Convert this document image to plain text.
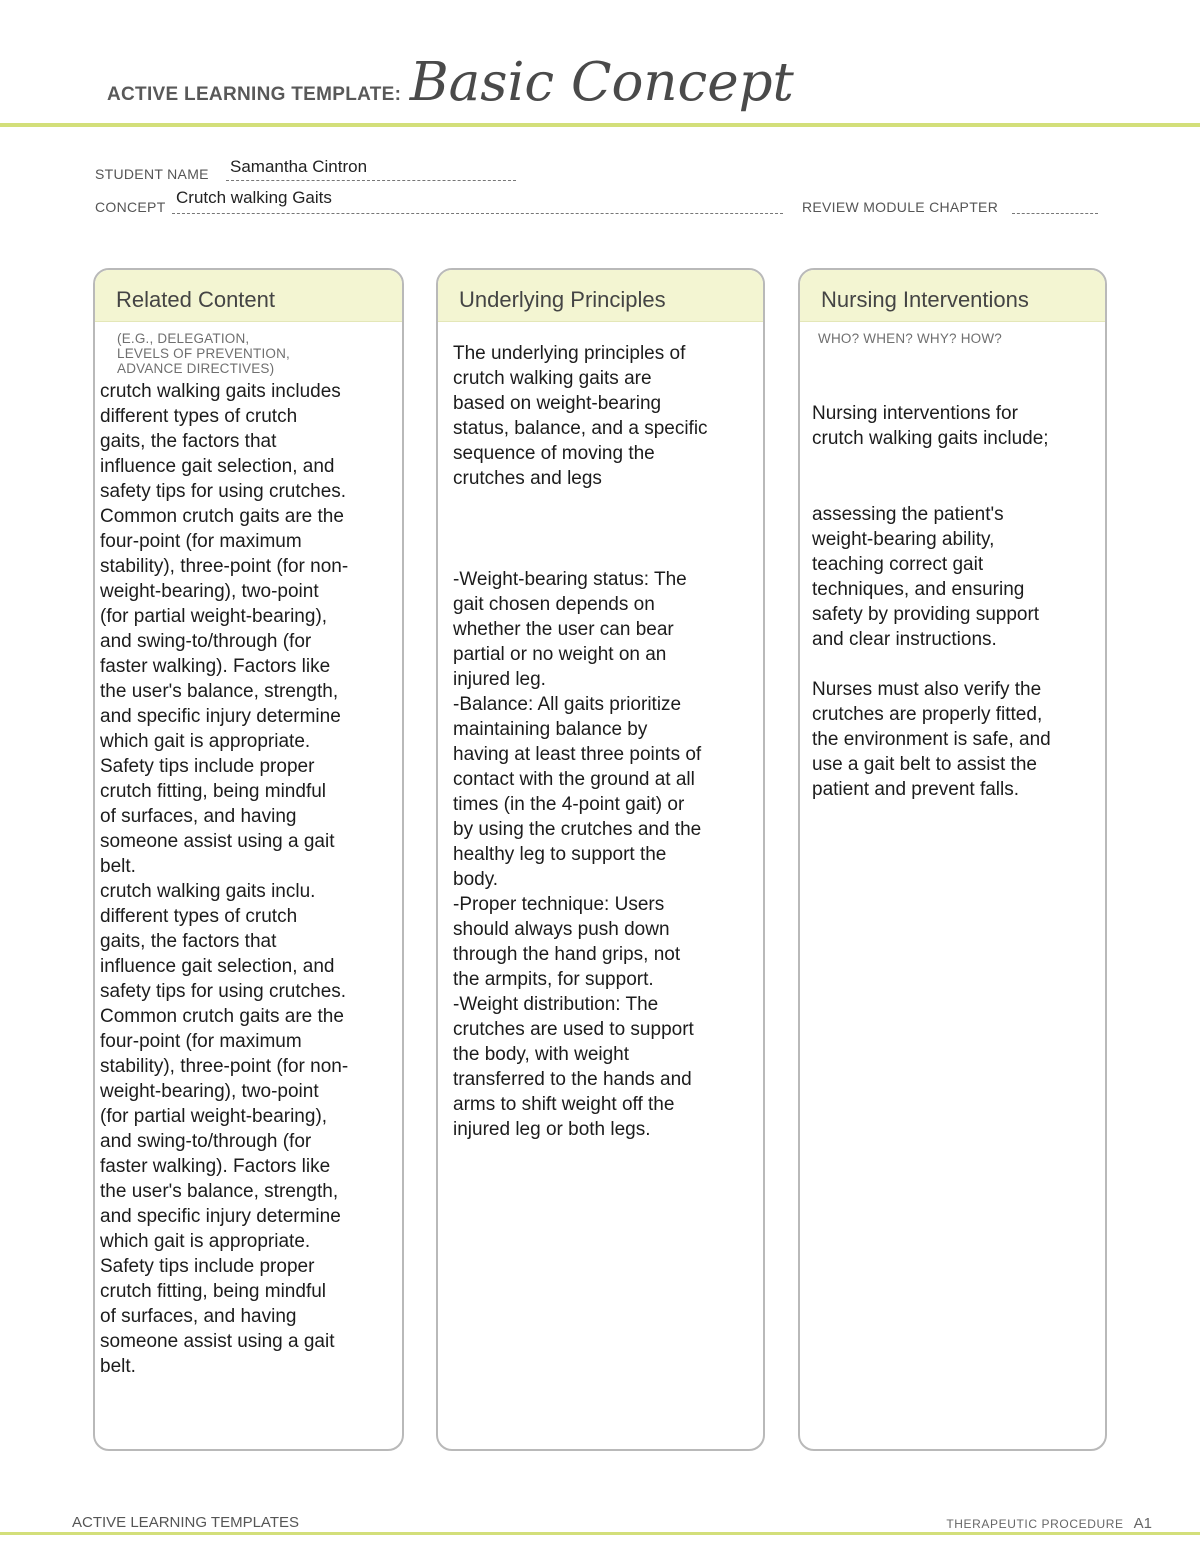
ACTIVE LEARNING TEMPLATE: Basic Concept
STUDENT NAME Samantha Cintron
CONCEPT Crutch walking Gaits	REVIEW MODULE CHAPTER
Related Content
(E.G., DELEGATION,
LEVELS OF PREVENTION,
ADVANCE DIRECTIVES)
crutch walking gaits includes
different types of crutch
gaits, the factors that
influence gait selection, and
safety tips for using crutches.
Common crutch gaits are the
four-point (for maximum
stability), three-point (for non-
weight-bearing), two-point
(for partial weight-bearing),
and swing-to/through (for
faster walking). Factors like
the user's balance, strength,
and specific injury determine
which gait is appropriate.
Safety tips include proper
crutch fitting, being mindful
of surfaces, and having
someone assist using a gait
belt.
crutch walking gaits inclu.
different types of crutch
gaits, the factors that
influence gait selection, and
safety tips for using crutches.
Common crutch gaits are the
four-point (for maximum
stability), three-point (for non-
weight-bearing), two-point
(for partial weight-bearing),
and swing-to/through (for
faster walking). Factors like
the user's balance, strength,
and specific injury determine
which gait is appropriate.
Safety tips include proper
crutch fitting, being mindful
of surfaces, and having
someone assist using a gait
belt.
Underlying Principles
The underlying principles of
crutch walking gaits are
based on weight-bearing
status, balance, and a specific
sequence of moving the
crutches and legs
-Weight-bearing status: The
gait chosen depends on
whether the user can bear
partial or no weight on an
injured leg.
-Balance: All gaits prioritize
maintaining balance by
having at least three points of
contact with the ground at all
times (in the 4-point gait) or
by using the crutches and the
healthy leg to support the
body.
-Proper technique: Users
should always push down
through the hand grips, not
the armpits, for support.
-Weight distribution: The
crutches are used to support
the body, with weight
transferred to the hands and
arms to shift weight off the
injured leg or both legs.
Nursing Interventions
WHO? WHEN? WHY? HOW?
Nursing interventions for
crutch walking gaits include;
assessing the patient's
weight-bearing ability,
teaching correct gait
techniques, and ensuring
safety by providing support
and clear instructions.
Nurses must also verify the
crutches are properly fitted,
the environment is safe, and
use a gait belt to assist the
patient and prevent falls.
ACTIVE LEARNING TEMPLATES	THERAPEUTIC PROCEDURE A1
